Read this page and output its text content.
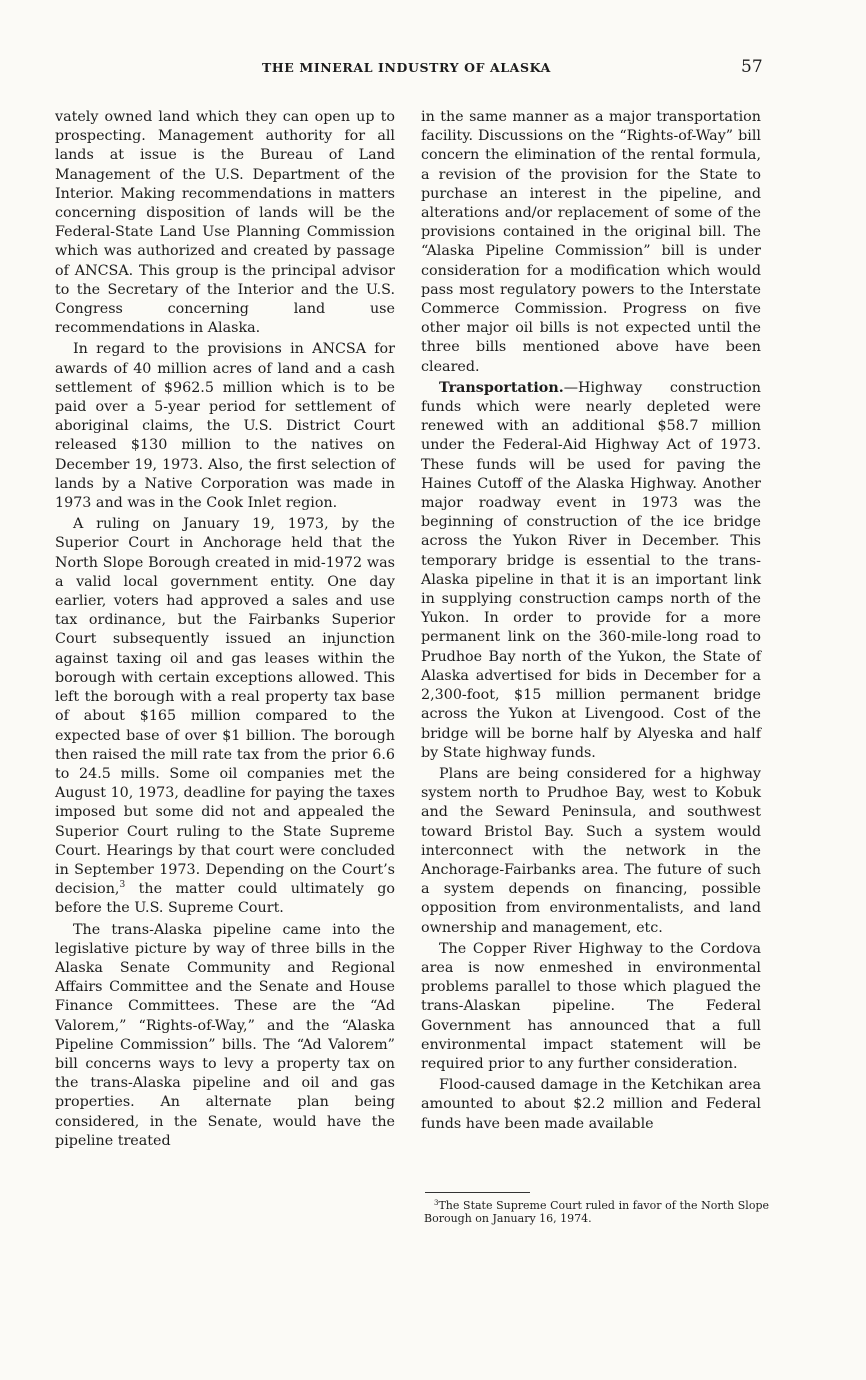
THE MINERAL INDUSTRY OF ALASKA	57

vately owned land which they can open up to prospecting. Management authority for all lands at issue is the Bureau of Land Management of the U.S. Department of the Interior. Making recommendations in matters concerning disposition of lands will be the Federal-State Land Use Planning Commission which was authorized and created by passage of ANCSA. This group is the principal advisor to the Secretary of the Interior and the U.S. Congress concerning land use recommendations in Alaska.

In regard to the provisions in ANCSA for awards of 40 million acres of land and a cash settlement of $962.5 million which is to be paid over a 5-year period for settlement of aboriginal claims, the U.S. District Court released $130 million to the natives on December 19, 1973. Also, the first selection of lands by a Native Corporation was made in 1973 and was in the Cook Inlet region.

A ruling on January 19, 1973, by the Superior Court in Anchorage held that the North Slope Borough created in mid-1972 was a valid local government entity. One day earlier, voters had approved a sales and use tax ordinance, but the Fairbanks Superior Court subsequently issued an injunction against taxing oil and gas leases within the borough with certain exceptions allowed. This left the borough with a real property tax base of about $165 million compared to the expected base of over $1 billion. The borough then raised the mill rate tax from the prior 6.6 to 24.5 mills. Some oil companies met the August 10, 1973, deadline for paying the taxes imposed but some did not and appealed the Superior Court ruling to the State Supreme Court. Hearings by that court were concluded in September 1973. Depending on the Court’s decision,$^3$ the matter could ultimately go before the U.S. Supreme Court.

The trans-Alaska pipeline came into the legislative picture by way of three bills in the Alaska Senate Community and Regional Affairs Committee and the Senate and House Finance Committees. These are the “Ad Valorem,” “Rights-of-Way,” and the “Alaska Pipeline Commission” bills. The “Ad Valorem” bill concerns ways to levy a property tax on the trans-Alaska pipeline and oil and gas properties. An alternate plan being considered, in the Senate, would have the pipeline treated

in the same manner as a major transportation facility. Discussions on the “Rights-of-Way” bill concern the elimination of the rental formula, a revision of the provision for the State to purchase an interest in the pipeline, and alterations and/or replacement of some of the provisions contained in the original bill. The “Alaska Pipeline Commission” bill is under consideration for a modification which would pass most regulatory powers to the Interstate Commerce Commission. Progress on five other major oil bills is not expected until the three bills mentioned above have been cleared.

Transportation.—Highway construction funds which were nearly depleted were renewed with an additional $58.7 million under the Federal-Aid Highway Act of 1973. These funds will be used for paving the Haines Cutoff of the Alaska Highway. Another major roadway event in 1973 was the beginning of construction of the ice bridge across the Yukon River in December. This temporary bridge is essential to the trans-Alaska pipeline in that it is an important link in supplying construction camps north of the Yukon. In order to provide for a more permanent link on the 360-mile-long road to Prudhoe Bay north of the Yukon, the State of Alaska advertised for bids in December for a 2,300-foot, $15 million permanent bridge across the Yukon at Livengood. Cost of the bridge will be borne half by Alyeska and half by State highway funds.

Plans are being considered for a highway system north to Prudhoe Bay, west to Kobuk and the Seward Peninsula, and southwest toward Bristol Bay. Such a system would interconnect with the network in the Anchorage-Fairbanks area. The future of such a system depends on financing, possible opposition from environmentalists, and land ownership and management, etc.

The Copper River Highway to the Cordova area is now enmeshed in environmental problems parallel to those which plagued the trans-Alaskan pipeline. The Federal Government has announced that a full environmental impact statement will be required prior to any further consideration.

Flood-caused damage in the Ketchikan area amounted to about $2.2 million and Federal funds have been made available

$^3$The State Supreme Court ruled in favor of the North Slope Borough on January 16, 1974.
